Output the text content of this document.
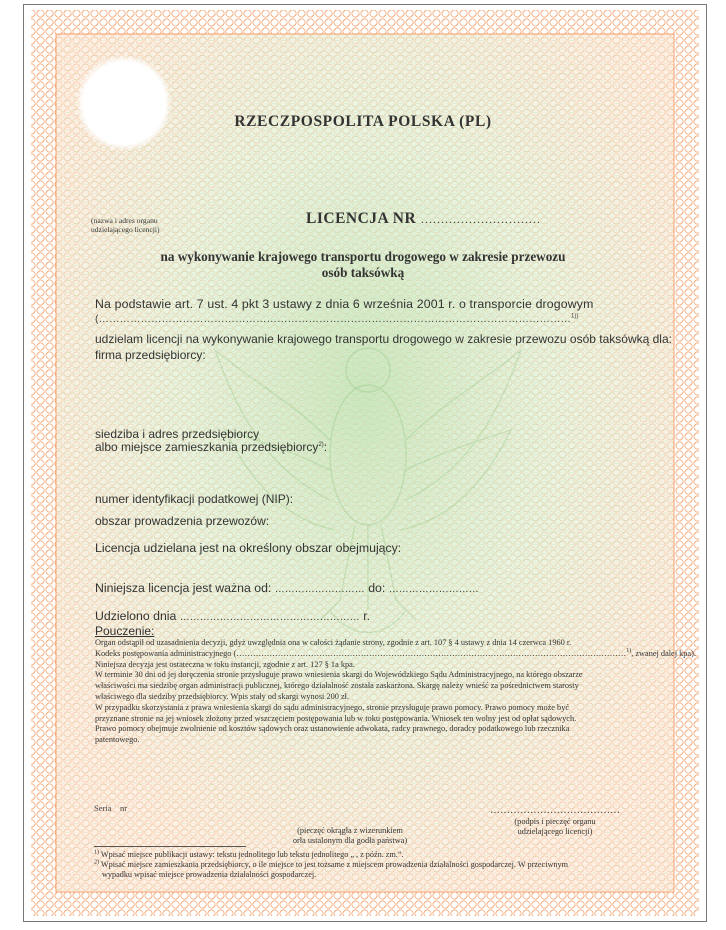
RZECZPOSPOLITA POLSKA (PL)

(nazwa i adres organu
udzielającego licencji)

LICENCJA NR …………………………

na wykonywanie krajowego transportu drogowego w zakresie przewozu

osób taksówką

Na podstawie art. 7 ust. 4 pkt 3 ustawy z dnia 6 września 2001 r. o transporcie drogowym

(………………………………………………………………………………………………………………………$^{1))}$

udzielam licencji na wykonywanie krajowego transportu drogowego w zakresie przewozu osób taksówką dla:

firma przedsiębiorcy:

siedziba i adres przedsiębiorcy

albo miejsce zamieszkania przedsiębiorcy$^{2)}$:

numer identyfikacji podatkowej (NIP):

obszar prowadzenia przewozów:

Licencja udzielana jest na określony obszar obejmujący:

Niniejsza licencja jest ważna od: ……………………… do: ………………………

Udzielono dnia ……………………………………………… r.

Pouczenie:

Organ odstąpił od uzasadnienia decyzji, gdyż uwzględnia ona w całości żądanie strony, zgodnie z art. 107 § 4 ustawy z dnia 14 czerwca 1960 r.

Kodeks postępowania administracyjnego (……………………………………………………………………………………………………………………………$^{1)}$, zwanej dalej kpa).

Niniejsza decyzja jest ostateczna w toku instancji, zgodnie z art. 127 § 1a kpa.

W terminie 30 dni od jej doręczenia stronie przysługuje prawo wniesienia skargi do Wojewódzkiego Sądu Administracyjnego, na którego obszarze

właściwości ma siedzibę organ administracji publicznej, którego działalność została zaskarżona. Skargę należy wnieść za pośrednictwem starosty

właściwego dla siedziby przedsiębiorcy. Wpis stały od skargi wynosi 200 zł.

W przypadku skorzystania z prawa wniesienia skargi do sądu administracyjnego, stronie przysługuje prawo pomocy. Prawo pomocy może być

przyznane stronie na jej wniosek złożony przed wszczęciem postępowania lub w toku postępowania. Wniosek ten wolny jest od opłat sądowych.

Prawo pomocy obejmuje zwolnienie od kosztów sądowych oraz ustanowienie adwokata, radcy prawnego, doradcy podatkowego lub rzecznika

patentowego.

Seria nr	…………………………………

(podpis i pieczęć organu
udzielającego licencji)
(pieczęć okrągła z wizerunkiem
orła ustalonym dla godła państwa)

$^{1)}$ Wpisać miejsce publikacji ustawy: tekstu jednolitego lub tekstu jednolitego „ , z późn. zm.”.

$^{2)}$ Wpisać miejsce zamieszkania przedsiębiorcy, o ile miejsce to jest tożsame z miejscem prowadzenia działalności gospodarczej. W przeciwnym

wypadku wpisać miejsce prowadzenia działalności gospodarczej.
